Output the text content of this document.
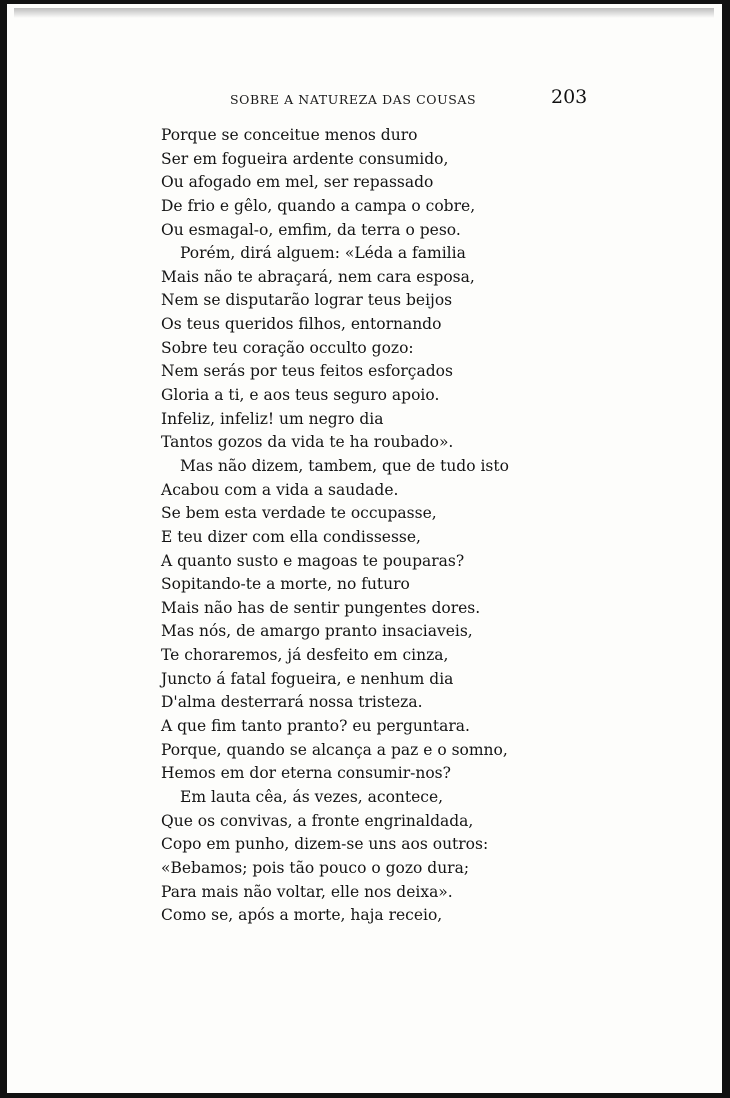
SOBRE A NATUREZA DAS COUSAS	203
Porque se conceitue menos duro
Ser em fogueira ardente consumido,
Ou afogado em mel, ser repassado
De frio e gêlo, quando a campa o cobre,
Ou esmagal-o, emfim, da terra o peso.
Porém, dirá alguem: «Léda a familia
Mais não te abraçará, nem cara esposa,
Nem se disputarão lograr teus beijos
Os teus queridos filhos, entornando
Sobre teu coração occulto gozo:
Nem serás por teus feitos esforçados
Gloria a ti, e aos teus seguro apoio.
Infeliz, infeliz! um negro dia
Tantos gozos da vida te ha roubado».
Mas não dizem, tambem, que de tudo isto
Acabou com a vida a saudade.
Se bem esta verdade te occupasse,
E teu dizer com ella condissesse,
A quanto susto e magoas te pouparas?
Sopitando-te a morte, no futuro
Mais não has de sentir pungentes dores.
Mas nós, de amargo pranto insaciaveis,
Te choraremos, já desfeito em cinza,
Juncto á fatal fogueira, e nenhum dia
D'alma desterrará nossa tristeza.
A que fim tanto pranto? eu perguntara.
Porque, quando se alcança a paz e o somno,
Hemos em dor eterna consumir-nos?
Em lauta cêa, ás vezes, acontece,
Que os convivas, a fronte engrinaldada,
Copo em punho, dizem-se uns aos outros:
«Bebamos; pois tão pouco o gozo dura;
Para mais não voltar, elle nos deixa».
Como se, após a morte, haja receio,
